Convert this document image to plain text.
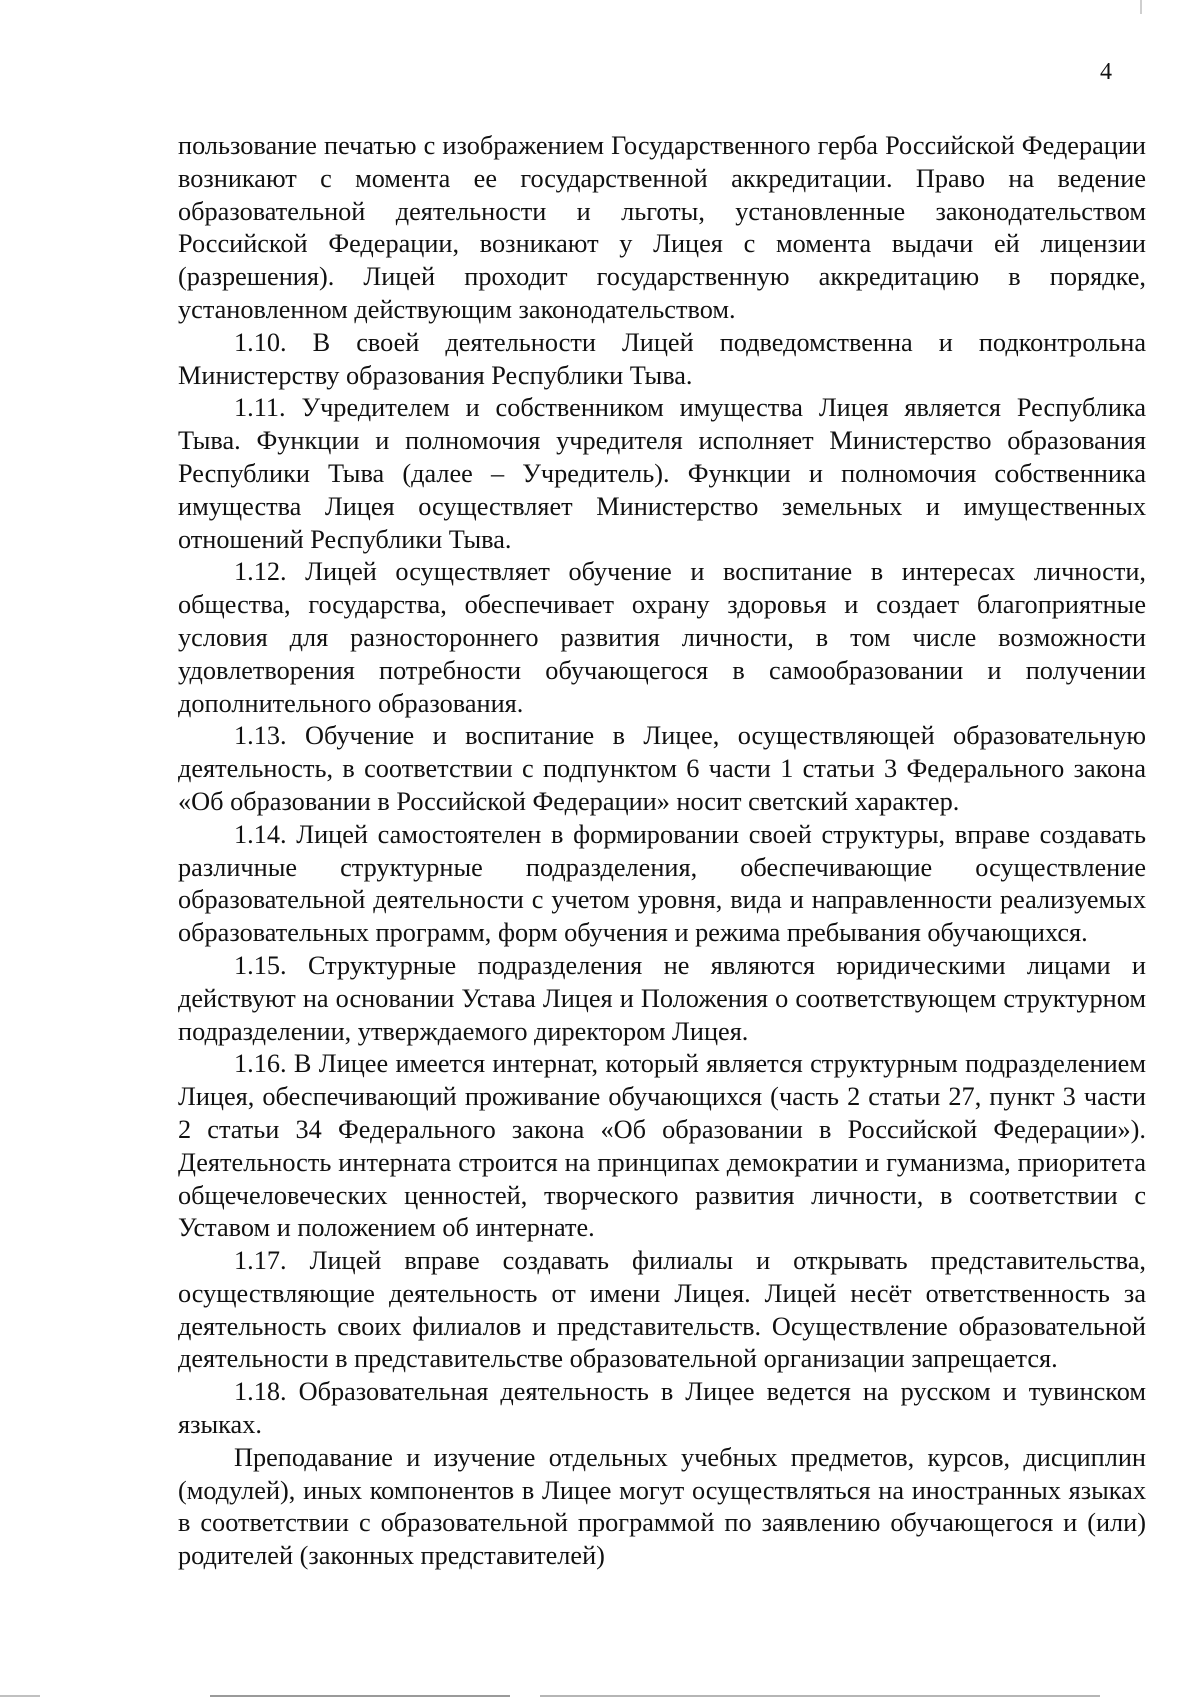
4

пользование печатью с изображением Государственного герба Российской Федерации возникают с момента ее государственной аккредитации. Право на ведение образовательной деятельности и льготы, установленные законодательством Российской Федерации, возникают у Лицея с момента выдачи ей лицензии (разрешения). Лицей проходит государственную аккредитацию в порядке, установленном действующим законодательством.

1.10. В своей деятельности Лицей подведомственна и подконтрольна Министерству образования Республики Тыва.

1.11. Учредителем и собственником имущества Лицея является Республика Тыва. Функции и полномочия учредителя исполняет Министерство образования Республики Тыва (далее – Учредитель). Функции и полномочия собственника имущества Лицея осуществляет Министерство земельных и имущественных отношений Республики Тыва.

1.12. Лицей осуществляет обучение и воспитание в интересах личности, общества, государства, обеспечивает охрану здоровья и создает благоприятные условия для разностороннего развития личности, в том числе возможности удовлетворения потребности обучающегося в самообразовании и получении дополнительного образования.

1.13. Обучение и воспитание в Лицее, осуществляющей образовательную деятельность, в соответствии с подпунктом 6 части 1 статьи 3 Федерального закона «Об образовании в Российской Федерации» носит светский характер.

1.14. Лицей самостоятелен в формировании своей структуры, вправе создавать различные структурные подразделения, обеспечивающие осуществление образовательной деятельности с учетом уровня, вида и направленности реализуемых образовательных программ, форм обучения и режима пребывания обучающихся.

1.15. Структурные подразделения не являются юридическими лицами и действуют на основании Устава Лицея и Положения о соответствующем структурном подразделении, утверждаемого директором Лицея.

1.16. В Лицее имеется интернат, который является структурным подразделением Лицея, обеспечивающий проживание обучающихся (часть 2 статьи 27, пункт 3 части 2 статьи 34 Федерального закона «Об образовании в Российской Федерации»). Деятельность интерната строится на принципах демократии и гуманизма, приоритета общечеловеческих ценностей, творческого развития личности, в соответствии с Уставом и положением об интернате.

1.17. Лицей вправе создавать филиалы и открывать представительства, осуществляющие деятельность от имени Лицея. Лицей несёт ответственность за деятельность своих филиалов и представительств. Осуществление образовательной деятельности в представительстве образовательной организации запрещается.

1.18. Образовательная деятельность в Лицее ведется на русском и тувинском языках.

Преподавание и изучение отдельных учебных предметов, курсов, дисциплин (модулей), иных компонентов в Лицее могут осуществляться на иностранных языках в соответствии с образовательной программой по заявлению обучающегося и (или) родителей (законных представителей)
